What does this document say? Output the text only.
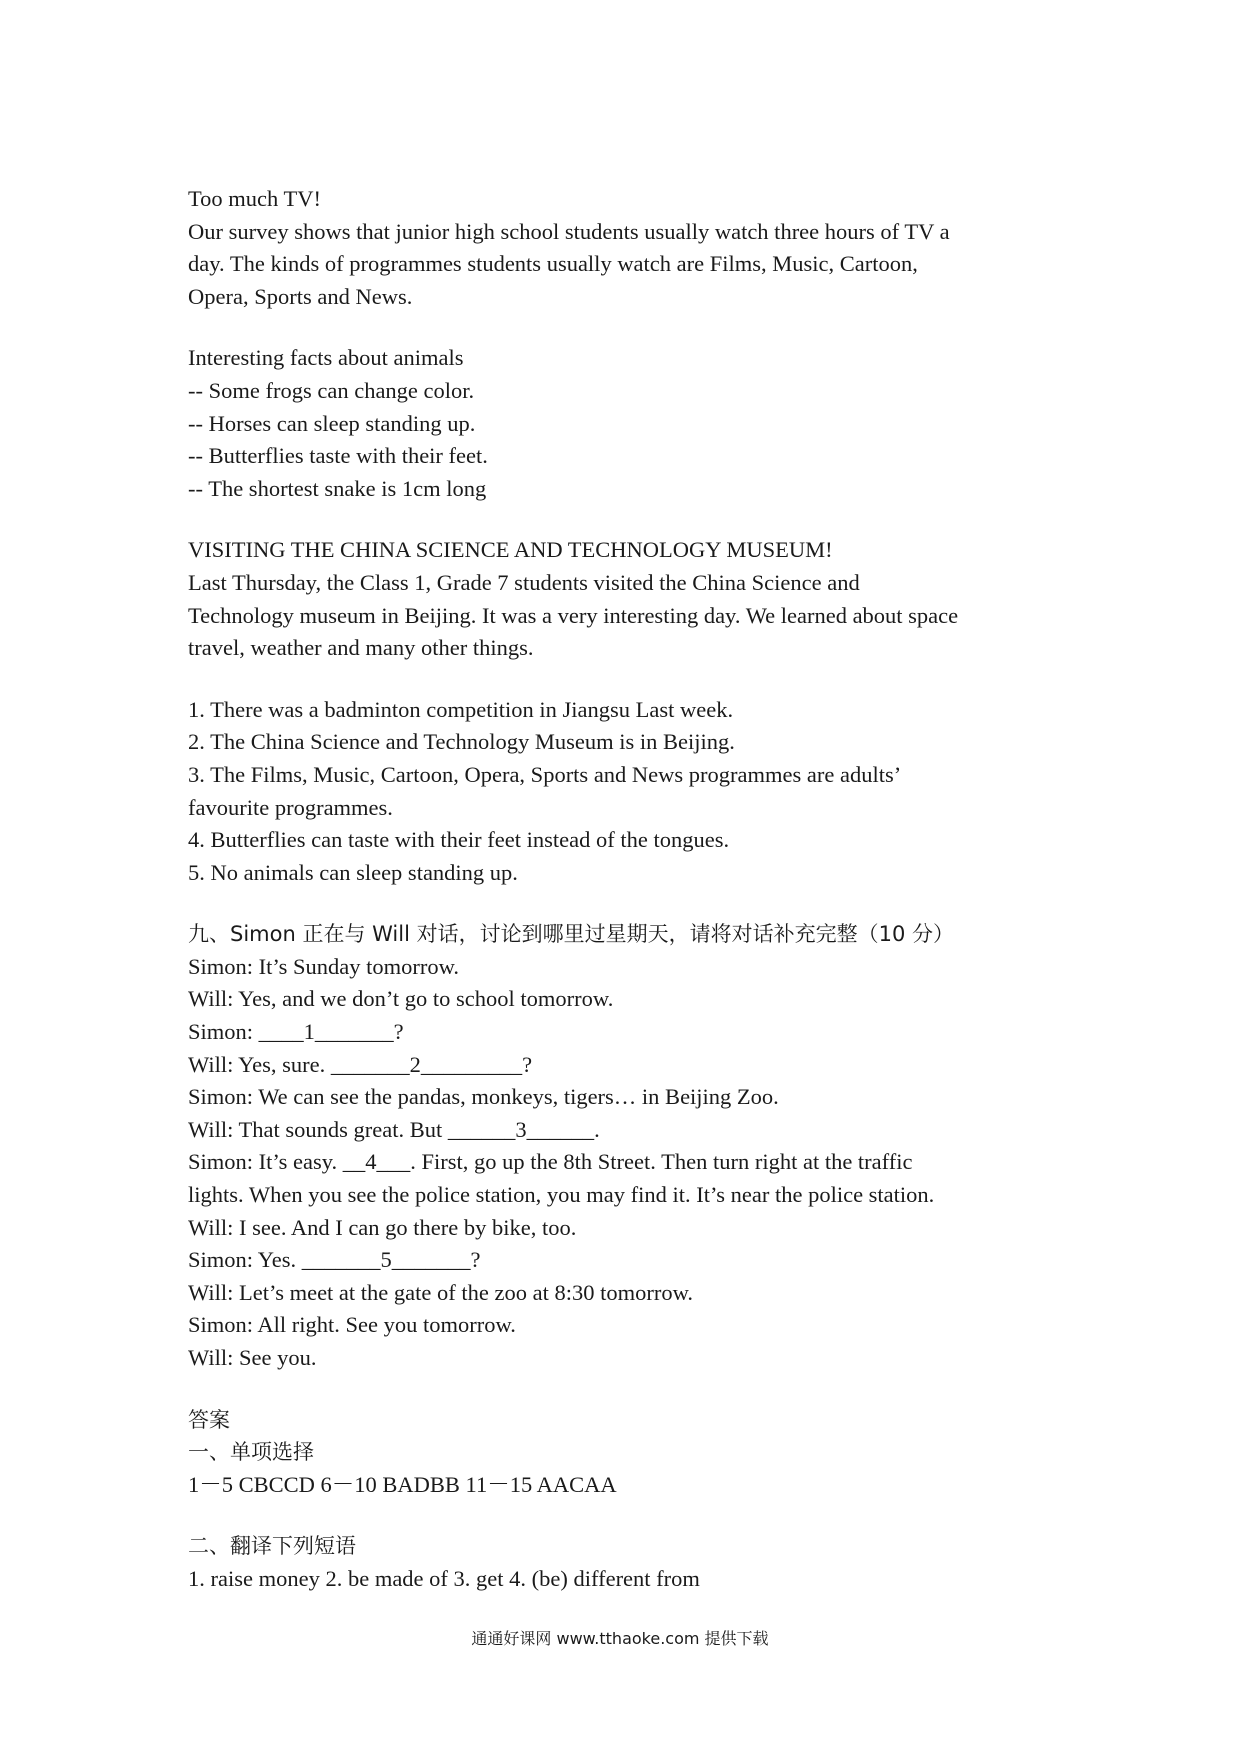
Too much TV!
Our survey shows that junior high school students usually watch three hours of TV a
day. The kinds of programmes students usually watch are Films, Music, Cartoon,
Opera, Sports and News.
Interesting facts about animals
-- Some frogs can change color.
-- Horses can sleep standing up.
-- Butterflies taste with their feet.
-- The shortest snake is 1cm long
VISITING THE CHINA SCIENCE AND TECHNOLOGY MUSEUM!
Last Thursday, the Class 1, Grade 7 students visited the China Science and
Technology museum in Beijing. It was a very interesting day. We learned about space
travel, weather and many other things.
1. There was a badminton competition in Jiangsu Last week.
2. The China Science and Technology Museum is in Beijing.
3. The Films, Music, Cartoon, Opera, Sports and News programmes are adults’
favourite programmes.
4. Butterflies can taste with their feet instead of the tongues.
5. No animals can sleep standing up.
九、Simon 正在与 Will 对话，讨论到哪里过星期天，请将对话补充完整（10 分）
Simon: It’s Sunday tomorrow.
Will: Yes, and we don’t go to school tomorrow.
Simon: ____1_______?
Will: Yes, sure. _______2_________?
Simon: We can see the pandas, monkeys, tigers… in Beijing Zoo.
Will: That sounds great. But ______3______.
Simon: It’s easy. __4___. First, go up the 8th Street. Then turn right at the traffic
lights. When you see the police station, you may find it. It’s near the police station.
Will: I see. And I can go there by bike, too.
Simon: Yes. _______5_______?
Will: Let’s meet at the gate of the zoo at 8:30 tomorrow.
Simon: All right. See you tomorrow.
Will: See you.
答案
一、单项选择
1－5 CBCCD 6－10 BADBB 11－15 AACAA
二、翻译下列短语
1. raise money 2. be made of 3. get 4. (be) different from
通通好课网 www.tthaoke.com 提供下载
